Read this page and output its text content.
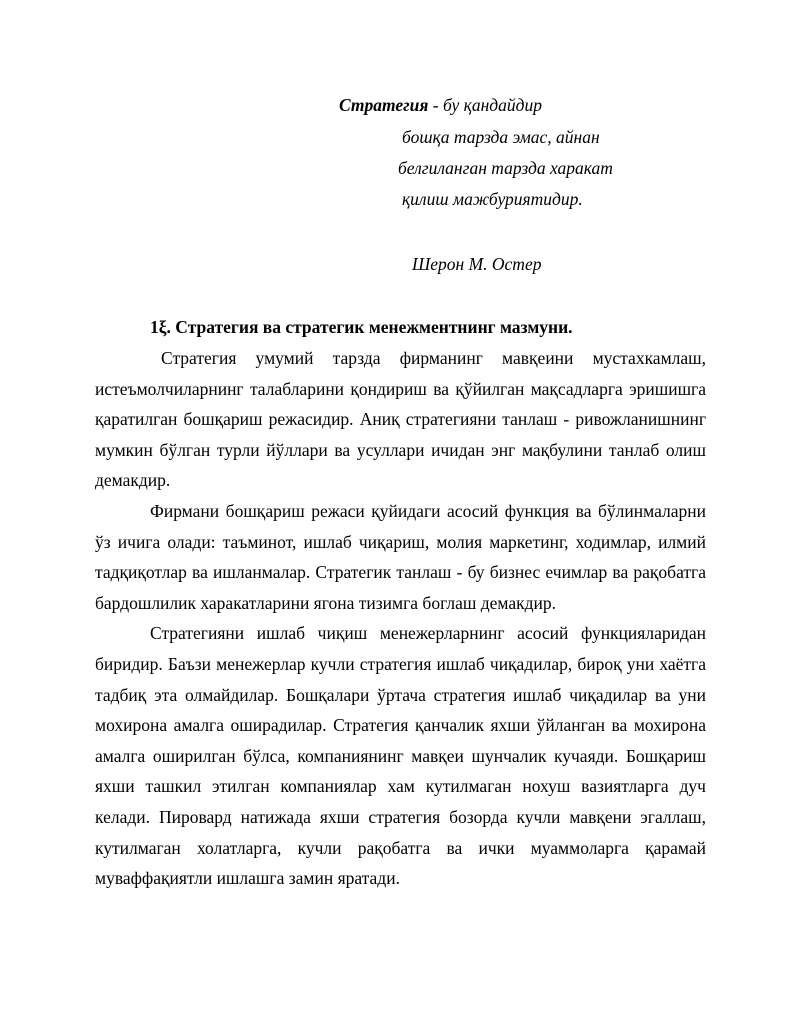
Стратегия - бу қандайдир
бошқа тарзда эмас, айнан
белгиланган тарзда харакат
қилиш мажбуриятидир.
Шерон М. Остер
1ξ. Стратегия ва стратегик менежментнинг мазмуни.

Стратегия умумий тарзда фирманинг мавқеини мустахкамлаш, истеъмолчиларнинг талабларини қондириш ва қўйилган мақсадларга эришишга қаратилган бошқариш режасидир. Аниқ стратегияни танлаш - ривожланишнинг мумкин бўлган турли йўллари ва усуллари ичидан энг мақбулини танлаб олиш демакдир.

Фирмани бошқариш режаси қуйидаги асосий функция ва бўлинмаларни ўз ичига олади: таъминот, ишлаб чиқариш, молия маркетинг, ходимлар, илмий тадқиқотлар ва ишланмалар. Стратегик танлаш - бу бизнес ечимлар ва рақобатга бардошлилик харакатларини ягона тизимга боглаш демакдир.

Стратегияни ишлаб чиқиш менежерларнинг асосий функцияларидан биридир. Баъзи менежерлар кучли стратегия ишлаб чиқадилар, бироқ уни хаётга тадбиқ эта олмайдилар. Бошқалари ўртача стратегия ишлаб чиқадилар ва уни мохирона амалга оширадилар. Стратегия қанчалик яхши ўйланган ва мохирона амалга оширилган бўлса, компаниянинг мавқеи шунчалик кучаяди. Бошқариш яхши ташкил этилган компаниялар хам кутилмаган нохуш вазиятларга дуч келади. Пировард натижада яхши стратегия бозорда кучли мавқени эгаллаш, кутилмаган холатларга, кучли рақобатга ва ички муаммоларга қарамай муваффақиятли ишлашга замин яратади.
